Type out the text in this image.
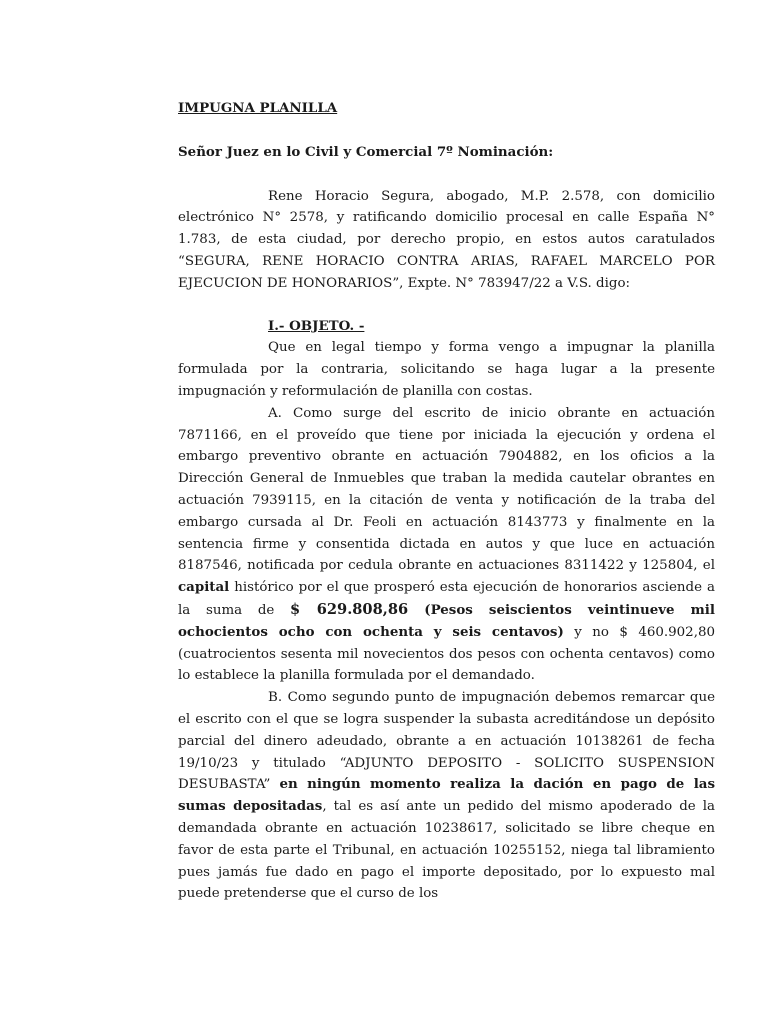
IMPUGNA PLANILLA

Señor Juez en lo Civil y Comercial 7º Nominación:

Rene Horacio Segura, abogado, M.P. 2.578, con domicilio electrónico N° 2578, y ratificando domicilio procesal en calle España N° 1.783, de esta ciudad, por derecho propio, en estos autos caratulados “SEGURA, RENE HORACIO CONTRA ARIAS, RAFAEL MARCELO POR EJECUCION DE HONORARIOS”, Expte. N° 783947/22 a V.S. digo:

I.- OBJETO. -

Que en legal tiempo y forma vengo a impugnar la planilla formulada por la contraria, solicitando se haga lugar a la presente impugnación y reformulación de planilla con costas.

A. Como surge del escrito de inicio obrante en actuación 7871166, en el proveído que tiene por iniciada la ejecución y ordena el embargo preventivo obrante en actuación 7904882, en los oficios a la Dirección General de Inmuebles que traban la medida cautelar obrantes en actuación 7939115, en la citación de venta y notificación de la traba del embargo cursada al Dr. Feoli en actuación 8143773 y finalmente en la sentencia firme y consentida dictada en autos y que luce en actuación 8187546, notificada por cedula obrante en actuaciones 8311422 y 125804, el capital histórico por el que prosperó esta ejecución de honorarios asciende a la suma de $ 629.808,86 (Pesos seiscientos veintinueve mil ochocientos ocho con ochenta y seis centavos) y no $ 460.902,80 (cuatrocientos sesenta mil novecientos dos pesos con ochenta centavos) como lo establece la planilla formulada por el demandado.

B. Como segundo punto de impugnación debemos remarcar que el escrito con el que se logra suspender la subasta acreditándose un depósito parcial del dinero adeudado, obrante a en actuación 10138261 de fecha 19/10/23 y titulado “ADJUNTO DEPOSITO - SOLICITO SUSPENSION DESUBASTA” en ningún momento realiza la dación en pago de las sumas depositadas, tal es así ante un pedido del mismo apoderado de la demandada obrante en actuación 10238617, solicitado se libre cheque en favor de esta parte el Tribunal, en actuación 10255152, niega tal libramiento pues jamás fue dado en pago el importe depositado, por lo expuesto mal puede pretenderse que el curso de los
